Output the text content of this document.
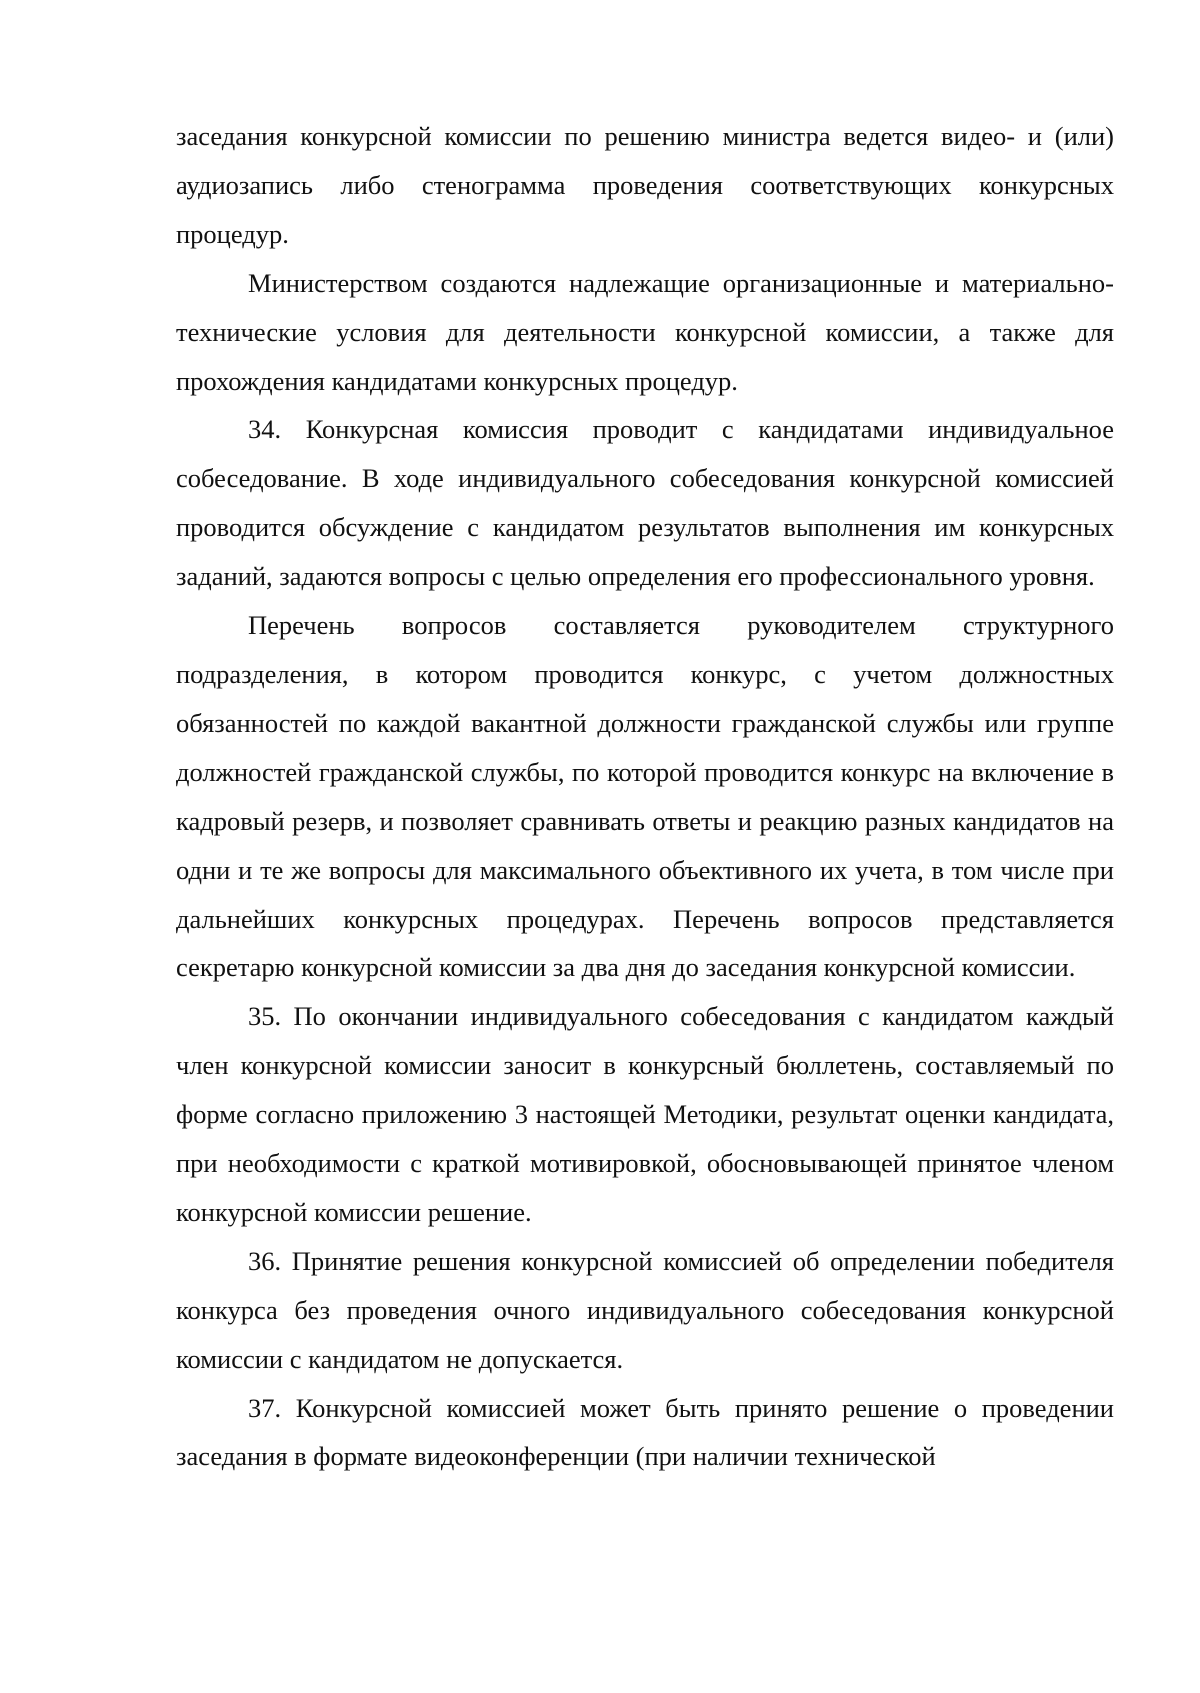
заседания конкурсной комиссии по решению министра ведется видео- и (или) аудиозапись либо стенограмма проведения соответствующих конкурсных процедур.

Министерством создаются надлежащие организационные и материально-технические условия для деятельности конкурсной комиссии, а также для прохождения кандидатами конкурсных процедур.

34. Конкурсная комиссия проводит с кандидатами индивидуальное собеседование. В ходе индивидуального собеседования конкурсной комиссией проводится обсуждение с кандидатом результатов выполнения им конкурсных заданий, задаются вопросы с целью определения его профессионального уровня.

Перечень вопросов составляется руководителем структурного подразделения, в котором проводится конкурс, с учетом должностных обязанностей по каждой вакантной должности гражданской службы или группе должностей гражданской службы, по которой проводится конкурс на включение в кадровый резерв, и позволяет сравнивать ответы и реакцию разных кандидатов на одни и те же вопросы для максимального объективного их учета, в том числе при дальнейших конкурсных процедурах. Перечень вопросов представляется секретарю конкурсной комиссии за два дня до заседания конкурсной комиссии.

35. По окончании индивидуального собеседования с кандидатом каждый член конкурсной комиссии заносит в конкурсный бюллетень, составляемый по форме согласно приложению 3 настоящей Методики, результат оценки кандидата, при необходимости с краткой мотивировкой, обосновывающей принятое членом конкурсной комиссии решение.

36. Принятие решения конкурсной комиссией об определении победителя конкурса без проведения очного индивидуального собеседования конкурсной комиссии с кандидатом не допускается.

37. Конкурсной комиссией может быть принято решение о проведении заседания в формате видеоконференции (при наличии технической
